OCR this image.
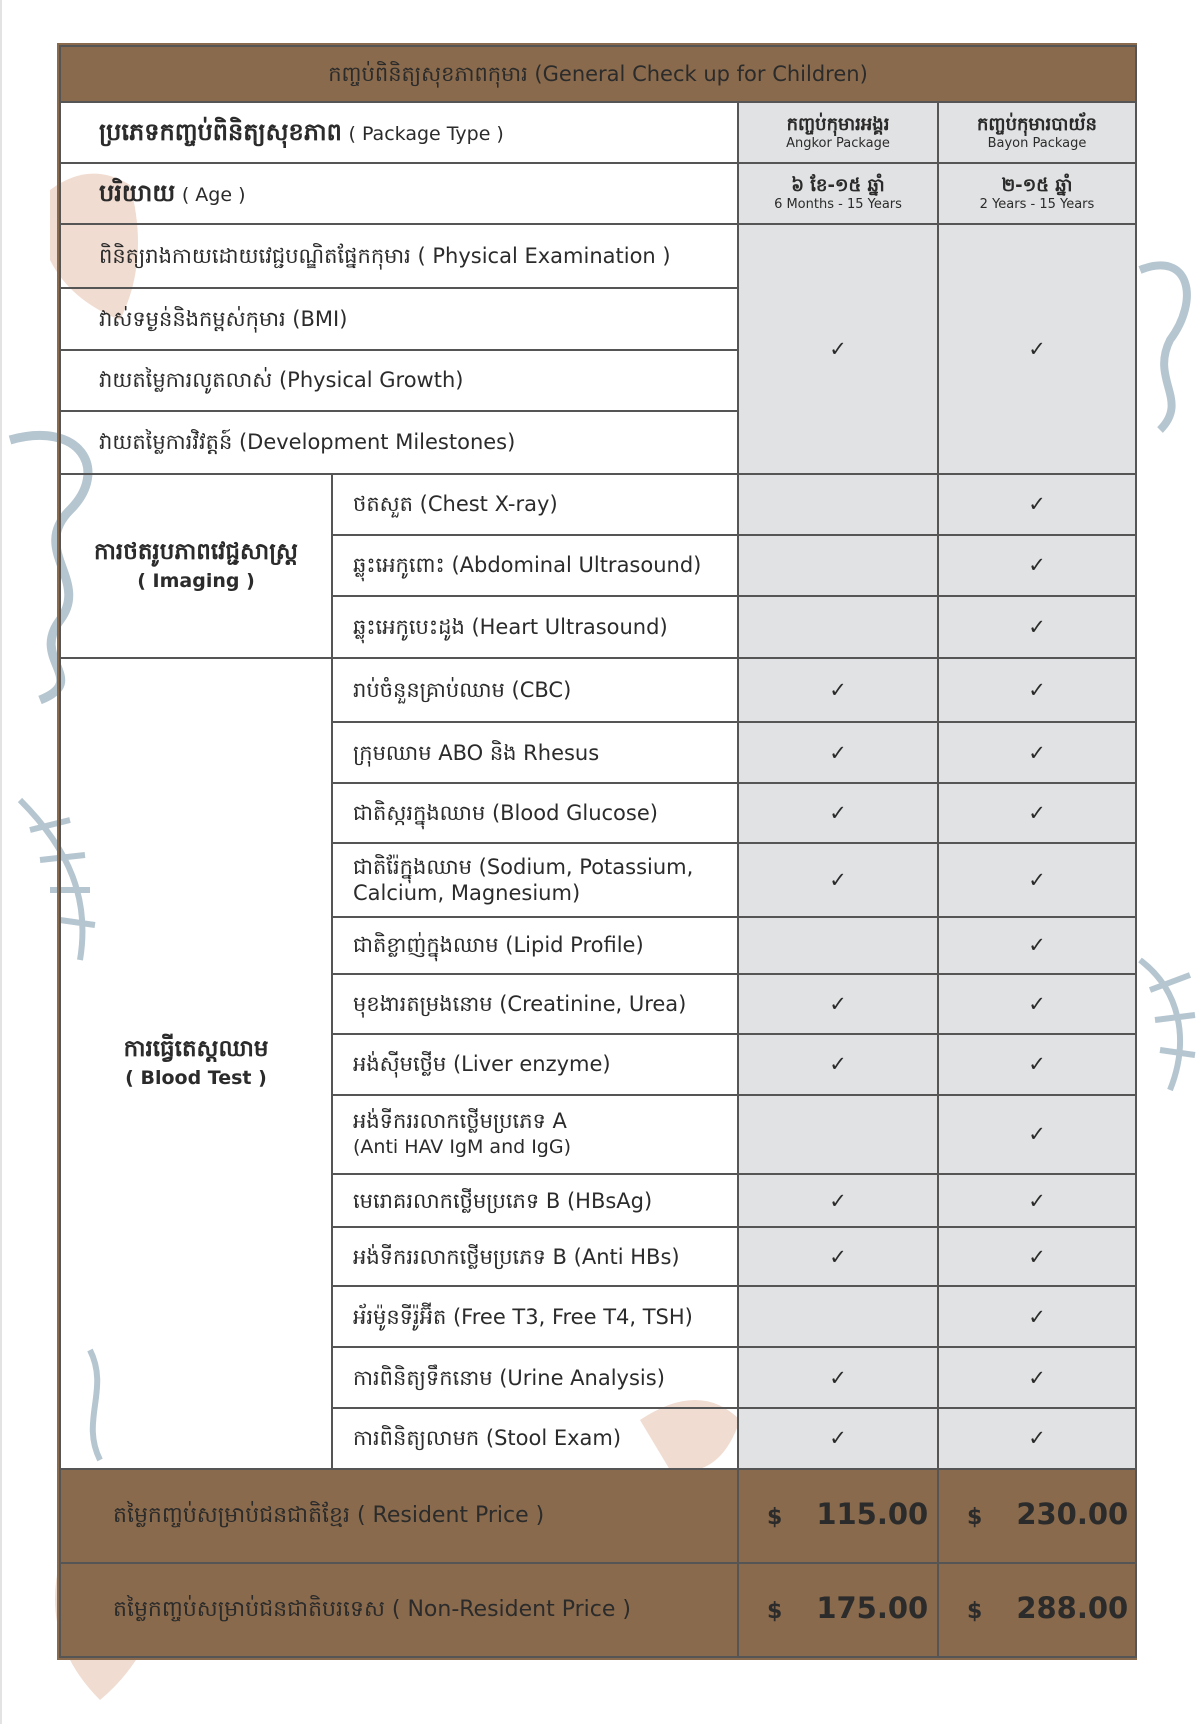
កញ្ចប់ពិនិត្យសុខភាពកុមារ (General Check up for Children)			
ប្រភេទកញ្ចប់ពិនិត្យសុខភាព ( Package Type )		កញ្ចប់កុមារអង្គរ
Angkor Package	កញ្ចប់កុមារបាយ័ន
Bayon Package

បរិយាយ ( Age )		៦ ខែ-១៥ ឆ្នាំ
6 Months - 15 Years	២-១៥ ឆ្នាំ
2 Years - 15 Years

ពិនិត្យរាងកាយដោយវេជ្ជបណ្ឌិតផ្នែកកុមារ ( Physical Examination )		✓	✓
វាស់ទម្ងន់និងកម្ពស់កុមារ (BMI)			
វាយតម្លៃការលូតលាស់ (Physical Growth)			
វាយតម្លៃការវិវត្តន៍ (Development Milestones)			

ការថតរូបភាពវេជ្ជសាស្ត្រ
( Imaging )	ថតសួត (Chest X-ray)		✓
	ឆ្លុះអេកូពោះ (Abdominal Ultrasound)		✓
	ឆ្លុះអេកូបេះដូង (Heart Ultrasound)		✓

ការធ្វើតេស្តឈាម
( Blood Test )	រាប់ចំនួនគ្រាប់ឈាម (CBC)	✓	✓
	ក្រុមឈាម ABO និង Rhesus	✓	✓
	ជាតិស្ករក្នុងឈាម (Blood Glucose)	✓	✓
	ជាតិរ៉ែក្នុងឈាម (Sodium, Potassium, Calcium, Magnesium)	✓	✓
	ជាតិខ្លាញ់ក្នុងឈាម (Lipid Profile)		✓
	មុខងារតម្រងនោម (Creatinine, Urea)	✓	✓
	អង់ស៊ីមថ្លើម (Liver enzyme)	✓	✓

	អង់ទីកររលាកថ្លើមប្រភេទ A
(Anti HAV IgM and IgG)		✓
	មេរោគរលាកថ្លើមប្រភេទ B (HBsAg)	✓	✓
	អង់ទីកររលាកថ្លើមប្រភេទ B (Anti HBs)	✓	✓
	អ័រម៉ូនទីរ៉ូអ៊ីត (Free T3, Free T4, TSH)		✓
	ការពិនិត្យទឹកនោម (Urine Analysis)	✓	✓
	ការពិនិត្យលាមក (Stool Exam)	✓	✓
តម្លៃកញ្ចប់សម្រាប់ជនជាតិខ្មែរ ( Resident Price )		$ 115.00	$ 230.00
តម្លៃកញ្ចប់សម្រាប់ជនជាតិបរទេស ( Non-Resident Price )		$ 175.00	$ 288.00
